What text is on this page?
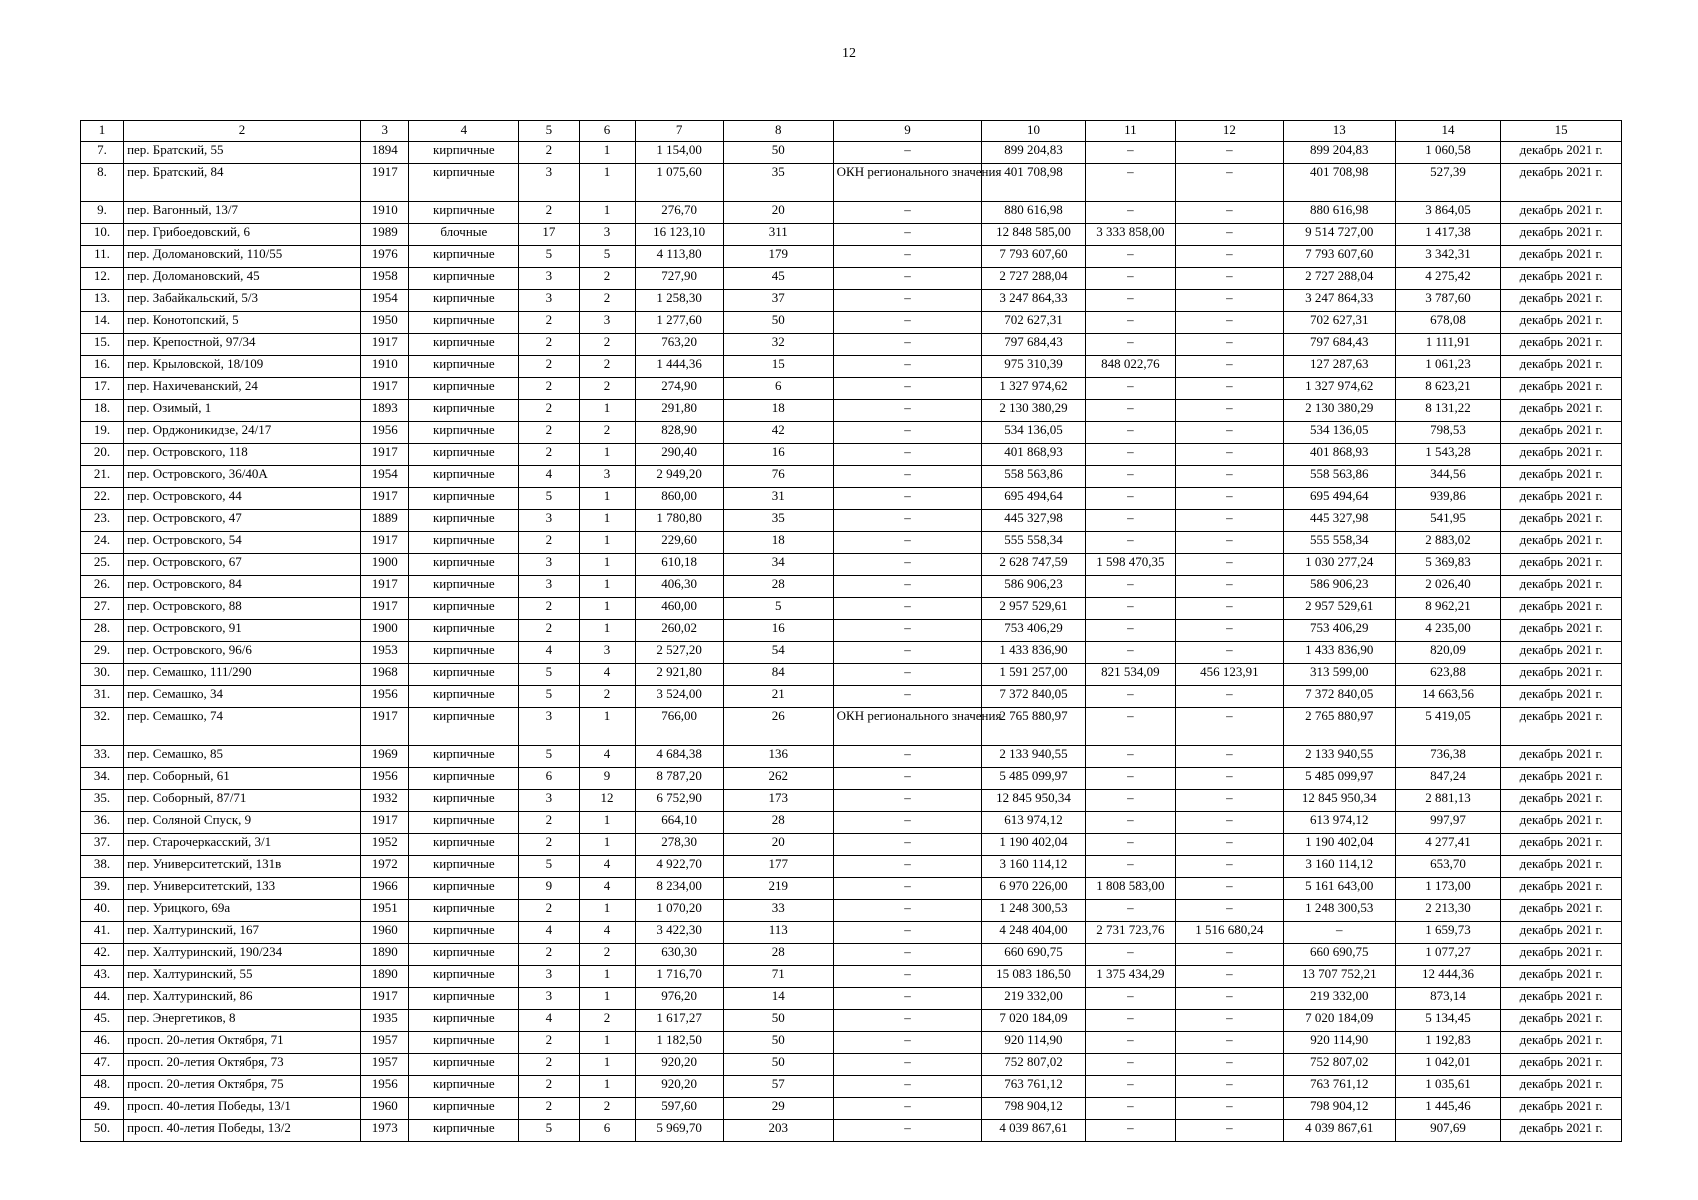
12
1	2	3	4	5	6	7	8	9	10	11	12	13	14	15
7.	пер. Братский, 55	1894	кирпичные	2	1	1 154,00	50	–	899 204,83	–	–	899 204,83	1 060,58	декабрь 2021 г.
8.	пер. Братский, 84	1917	кирпичные	3	1	1 075,60	35	ОКН регионального значения	401 708,98	–	–	401 708,98	527,39	декабрь 2021 г.
9.	пер. Вагонный, 13/7	1910	кирпичные	2	1	276,70	20	–	880 616,98	–	–	880 616,98	3 864,05	декабрь 2021 г.
10.	пер. Грибоедовский, 6	1989	блочные	17	3	16 123,10	311	–	12 848 585,00	3 333 858,00	–	9 514 727,00	1 417,38	декабрь 2021 г.
11.	пер. Доломановский, 110/55	1976	кирпичные	5	5	4 113,80	179	–	7 793 607,60	–	–	7 793 607,60	3 342,31	декабрь 2021 г.
12.	пер. Доломановский, 45	1958	кирпичные	3	2	727,90	45	–	2 727 288,04	–	–	2 727 288,04	4 275,42	декабрь 2021 г.
13.	пер. Забайкальский, 5/3	1954	кирпичные	3	2	1 258,30	37	–	3 247 864,33	–	–	3 247 864,33	3 787,60	декабрь 2021 г.
14.	пер. Конотопский, 5	1950	кирпичные	2	3	1 277,60	50	–	702 627,31	–	–	702 627,31	678,08	декабрь 2021 г.
15.	пер. Крепостной, 97/34	1917	кирпичные	2	2	763,20	32	–	797 684,43	–	–	797 684,43	1 111,91	декабрь 2021 г.
16.	пер. Крыловской, 18/109	1910	кирпичные	2	2	1 444,36	15	–	975 310,39	848 022,76	–	127 287,63	1 061,23	декабрь 2021 г.
17.	пер. Нахичеванский, 24	1917	кирпичные	2	2	274,90	6	–	1 327 974,62	–	–	1 327 974,62	8 623,21	декабрь 2021 г.
18.	пер. Озимый, 1	1893	кирпичные	2	1	291,80	18	–	2 130 380,29	–	–	2 130 380,29	8 131,22	декабрь 2021 г.
19.	пер. Орджоникидзе, 24/17	1956	кирпичные	2	2	828,90	42	–	534 136,05	–	–	534 136,05	798,53	декабрь 2021 г.
20.	пер. Островского, 118	1917	кирпичные	2	1	290,40	16	–	401 868,93	–	–	401 868,93	1 543,28	декабрь 2021 г.
21.	пер. Островского, 36/40А	1954	кирпичные	4	3	2 949,20	76	–	558 563,86	–	–	558 563,86	344,56	декабрь 2021 г.
22.	пер. Островского, 44	1917	кирпичные	5	1	860,00	31	–	695 494,64	–	–	695 494,64	939,86	декабрь 2021 г.
23.	пер. Островского, 47	1889	кирпичные	3	1	1 780,80	35	–	445 327,98	–	–	445 327,98	541,95	декабрь 2021 г.
24.	пер. Островского, 54	1917	кирпичные	2	1	229,60	18	–	555 558,34	–	–	555 558,34	2 883,02	декабрь 2021 г.
25.	пер. Островского, 67	1900	кирпичные	3	1	610,18	34	–	2 628 747,59	1 598 470,35	–	1 030 277,24	5 369,83	декабрь 2021 г.
26.	пер. Островского, 84	1917	кирпичные	3	1	406,30	28	–	586 906,23	–	–	586 906,23	2 026,40	декабрь 2021 г.
27.	пер. Островского, 88	1917	кирпичные	2	1	460,00	5	–	2 957 529,61	–	–	2 957 529,61	8 962,21	декабрь 2021 г.
28.	пер. Островского, 91	1900	кирпичные	2	1	260,02	16	–	753 406,29	–	–	753 406,29	4 235,00	декабрь 2021 г.
29.	пер. Островского, 96/6	1953	кирпичные	4	3	2 527,20	54	–	1 433 836,90	–	–	1 433 836,90	820,09	декабрь 2021 г.
30.	пер. Семашко, 111/290	1968	кирпичные	5	4	2 921,80	84	–	1 591 257,00	821 534,09	456 123,91	313 599,00	623,88	декабрь 2021 г.
31.	пер. Семашко, 34	1956	кирпичные	5	2	3 524,00	21	–	7 372 840,05	–	–	7 372 840,05	14 663,56	декабрь 2021 г.
32.	пер. Семашко, 74	1917	кирпичные	3	1	766,00	26	ОКН регионального значения	2 765 880,97	–	–	2 765 880,97	5 419,05	декабрь 2021 г.
33.	пер. Семашко, 85	1969	кирпичные	5	4	4 684,38	136	–	2 133 940,55	–	–	2 133 940,55	736,38	декабрь 2021 г.
34.	пер. Соборный, 61	1956	кирпичные	6	9	8 787,20	262	–	5 485 099,97	–	–	5 485 099,97	847,24	декабрь 2021 г.
35.	пер. Соборный, 87/71	1932	кирпичные	3	12	6 752,90	173	–	12 845 950,34	–	–	12 845 950,34	2 881,13	декабрь 2021 г.
36.	пер. Соляной Спуск, 9	1917	кирпичные	2	1	664,10	28	–	613 974,12	–	–	613 974,12	997,97	декабрь 2021 г.
37.	пер. Старочеркасский, 3/1	1952	кирпичные	2	1	278,30	20	–	1 190 402,04	–	–	1 190 402,04	4 277,41	декабрь 2021 г.
38.	пер. Университетский, 131в	1972	кирпичные	5	4	4 922,70	177	–	3 160 114,12	–	–	3 160 114,12	653,70	декабрь 2021 г.
39.	пер. Университетский, 133	1966	кирпичные	9	4	8 234,00	219	–	6 970 226,00	1 808 583,00	–	5 161 643,00	1 173,00	декабрь 2021 г.
40.	пер. Урицкого, 69а	1951	кирпичные	2	1	1 070,20	33	–	1 248 300,53	–	–	1 248 300,53	2 213,30	декабрь 2021 г.
41.	пер. Халтуринский, 167	1960	кирпичные	4	4	3 422,30	113	–	4 248 404,00	2 731 723,76	1 516 680,24	–	1 659,73	декабрь 2021 г.
42.	пер. Халтуринский, 190/234	1890	кирпичные	2	2	630,30	28	–	660 690,75	–	–	660 690,75	1 077,27	декабрь 2021 г.
43.	пер. Халтуринский, 55	1890	кирпичные	3	1	1 716,70	71	–	15 083 186,50	1 375 434,29	–	13 707 752,21	12 444,36	декабрь 2021 г.
44.	пер. Халтуринский, 86	1917	кирпичные	3	1	976,20	14	–	219 332,00	–	–	219 332,00	873,14	декабрь 2021 г.
45.	пер. Энергетиков, 8	1935	кирпичные	4	2	1 617,27	50	–	7 020 184,09	–	–	7 020 184,09	5 134,45	декабрь 2021 г.
46.	просп. 20-летия Октября, 71	1957	кирпичные	2	1	1 182,50	50	–	920 114,90	–	–	920 114,90	1 192,83	декабрь 2021 г.
47.	просп. 20-летия Октября, 73	1957	кирпичные	2	1	920,20	50	–	752 807,02	–	–	752 807,02	1 042,01	декабрь 2021 г.
48.	просп. 20-летия Октября, 75	1956	кирпичные	2	1	920,20	57	–	763 761,12	–	–	763 761,12	1 035,61	декабрь 2021 г.
49.	просп. 40-летия Победы, 13/1	1960	кирпичные	2	2	597,60	29	–	798 904,12	–	–	798 904,12	1 445,46	декабрь 2021 г.
50.	просп. 40-летия Победы, 13/2	1973	кирпичные	5	6	5 969,70	203	–	4 039 867,61	–	–	4 039 867,61	907,69	декабрь 2021 г.
